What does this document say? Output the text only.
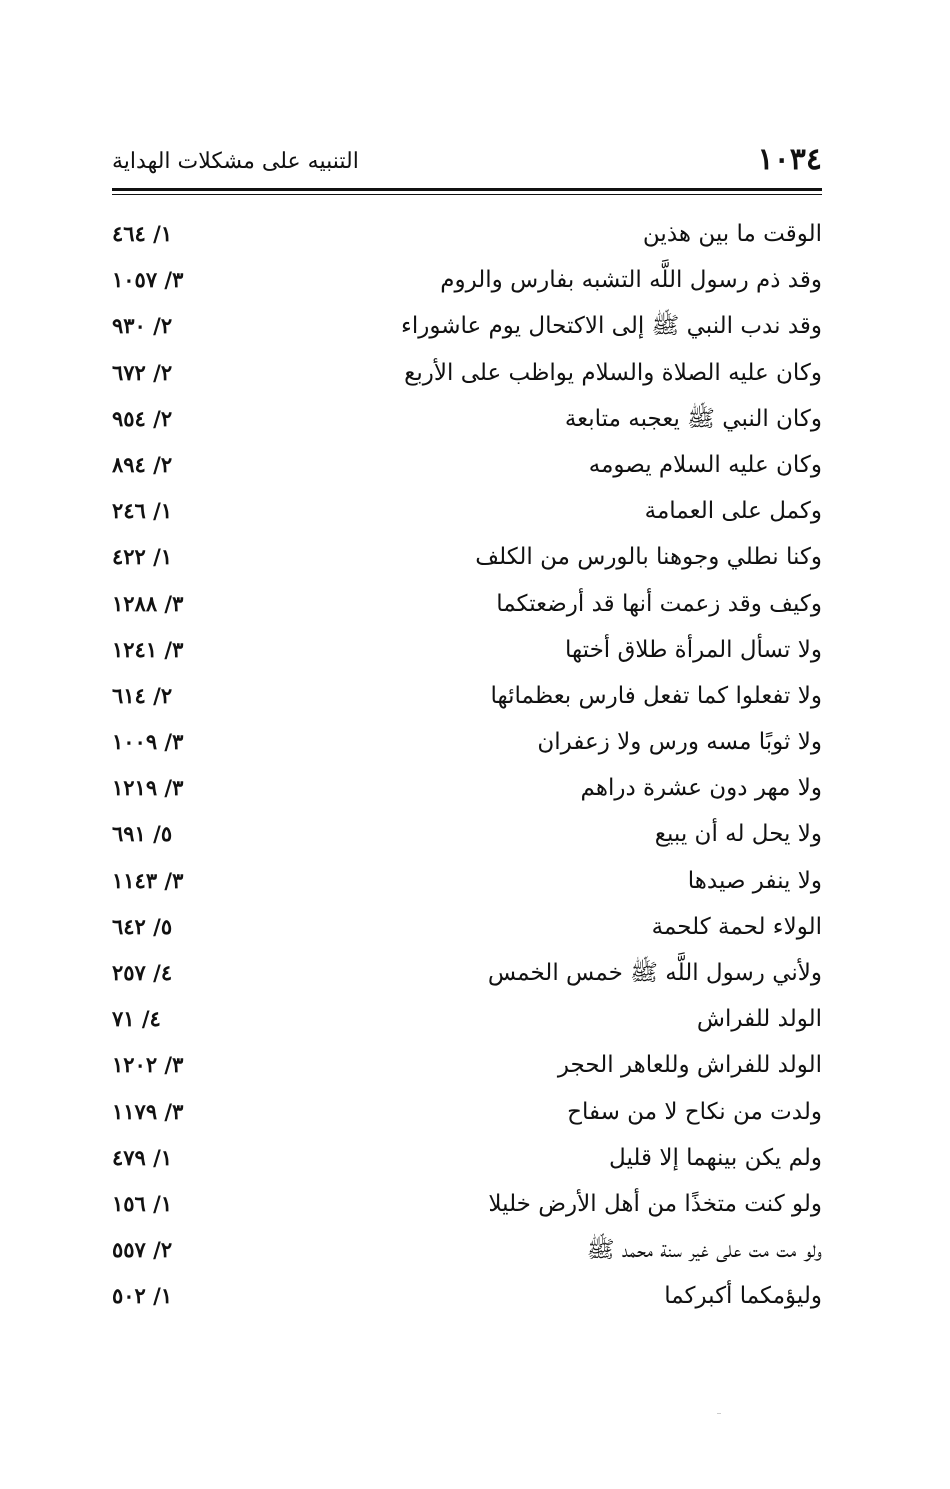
١٠٣٤
التنبيه على مشكلات الهداية
الوقت ما بين هذين
١/ ٤٦٤
وقد ذم رسول اللَّه التشبه بفارس والروم
٣/ ١٠٥٧
وقد ندب النبي ﷺ إلى الاكتحال يوم عاشوراء
٢/ ٩٣٠
وكان عليه الصلاة والسلام يواظب على الأربع
٢/ ٦٧٢
وكان النبي ﷺ يعجبه متابعة
٢/ ٩٥٤
وكان عليه السلام يصومه
٢/ ٨٩٤
وكمل على العمامة
١/ ٢٤٦
وكنا نطلي وجوهنا بالورس من الكلف
١/ ٤٢٢
وكيف وقد زعمت أنها قد أرضعتكما
٣/ ١٢٨٨
ولا تسأل المرأة طلاق أختها
٣/ ١٢٤١
ولا تفعلوا كما تفعل فارس بعظمائها
٢/ ٦١٤
ولا ثوبًا مسه ورس ولا زعفران
٣/ ١٠٠٩
ولا مهر دون عشرة دراهم
٣/ ١٢١٩
ولا يحل له أن يبيع
٥/ ٦٩١
ولا ينفر صيدها
٣/ ١١٤٣
الولاء لحمة كلحمة
٥/ ٦٤٢
ولأني رسول اللَّه ﷺ خمس الخمس
٤/ ٢٥٧
الولد للفراش
٤/ ٧١
الولد للفراش وللعاهر الحجر
٣/ ١٢٠٢
ولدت من نكاح لا من سفاح
٣/ ١١٧٩
ولم يكن بينهما إلا قليل
١/ ٤٧٩
ولو كنت متخذًا من أهل الأرض خليلا
١/ ١٥٦
ولو مت مت على غير سنة محمد ﷺ
٢/ ٥٥٧
وليؤمكما أكبركما
١/ ٥٠٢
